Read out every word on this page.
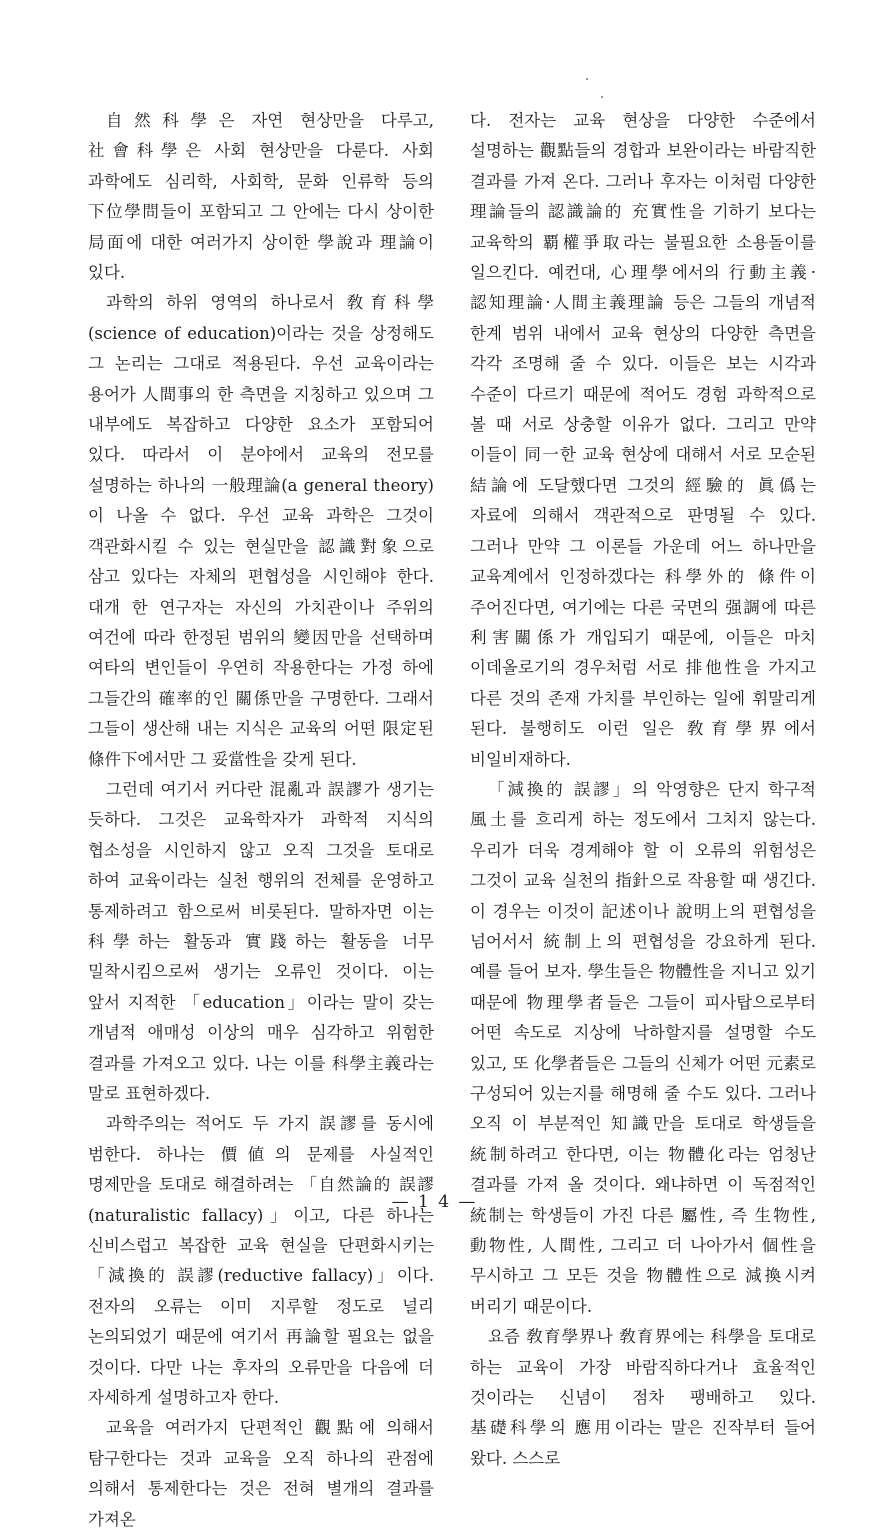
自然科學은 자연 현상만을 다루고, 社會科學은 사회 현상만을 다룬다. 사회 과학에도 심리학, 사회학, 문화 인류학 등의 下位學問들이 포함되고 그 안에는 다시 상이한 局面에 대한 여러가지 상이한 學說과 理論이 있다.

과학의 하위 영역의 하나로서 敎育科學(science of education)이라는 것을 상정해도 그 논리는 그대로 적용된다. 우선 교육이라는 용어가 人間事의 한 측면을 지칭하고 있으며 그 내부에도 복잡하고 다양한 요소가 포함되어 있다. 따라서 이 분야에서 교육의 전모를 설명하는 하나의 一般理論(a general theory)이 나올 수 없다. 우선 교육 과학은 그것이 객관화시킬 수 있는 현실만을 認識對象으로 삼고 있다는 자체의 편협성을 시인해야 한다. 대개 한 연구자는 자신의 가치관이나 주위의 여건에 따라 한정된 범위의 變因만을 선택하며 여타의 변인들이 우연히 작용한다는 가정 하에 그들간의 確率的인 關係만을 구명한다. 그래서 그들이 생산해 내는 지식은 교육의 어떤 限定된 條件下에서만 그 妥當性을 갖게 된다.

그런데 여기서 커다란 混亂과 誤謬가 생기는 듯하다. 그것은 교육학자가 과학적 지식의 협소성을 시인하지 않고 오직 그것을 토대로 하여 교육이라는 실천 행위의 전체를 운영하고 통제하려고 함으로써 비롯된다. 말하자면 이는 科學하는 활동과 實踐하는 활동을 너무 밀착시킴으로써 생기는 오류인 것이다. 이는 앞서 지적한 「education」이라는 말이 갖는 개념적 애매성 이상의 매우 심각하고 위험한 결과를 가져오고 있다. 나는 이를 科學主義라는 말로 표현하겠다.

과학주의는 적어도 두 가지 誤謬를 동시에 범한다. 하나는 價値의 문제를 사실적인 명제만을 토대로 해결하려는 「自然論的 誤謬(naturalistic fallacy)」이고, 다른 하나는 신비스럽고 복잡한 교육 현실을 단편화시키는「減換的 誤謬(reductive fallacy)」이다. 전자의 오류는 이미 지루할 정도로 널리 논의되었기 때문에 여기서 再論할 필요는 없을 것이다. 다만 나는 후자의 오류만을 다음에 더 자세하게 설명하고자 한다.

교육을 여러가지 단편적인 觀點에 의해서 탐구한다는 것과 교육을 오직 하나의 관점에 의해서 통제한다는 것은 전혀 별개의 결과를 가져온

다. 전자는 교육 현상을 다양한 수준에서 설명하는 觀點들의 경합과 보완이라는 바람직한 결과를 가져 온다. 그러나 후자는 이처럼 다양한 理論들의 認識論的 充實性을 기하기 보다는 교육학의 覇權爭取라는 불필요한 소용돌이를 일으킨다. 예컨대, 心理學에서의 行動主義·認知理論·人間主義理論 등은 그들의 개념적 한계 범위 내에서 교육 현상의 다양한 측면을 각각 조명해 줄 수 있다. 이들은 보는 시각과 수준이 다르기 때문에 적어도 경험 과학적으로 볼 때 서로 상충할 이유가 없다. 그리고 만약 이들이 同一한 교육 현상에 대해서 서로 모순된 結論에 도달했다면 그것의 經驗的 眞僞는 자료에 의해서 객관적으로 판명될 수 있다. 그러나 만약 그 이론들 가운데 어느 하나만을 교육계에서 인정하겠다는 科學外的 條件이 주어진다면, 여기에는 다른 국면의 强調에 따른 利害關係가 개입되기 때문에, 이들은 마치 이데올로기의 경우처럼 서로 排他性을 가지고 다른 것의 존재 가치를 부인하는 일에 휘말리게 된다. 불행히도 이런 일은 敎育學界에서 비일비재하다.

「減換的 誤謬」의 악영향은 단지 학구적 風土를 흐리게 하는 정도에서 그치지 않는다. 우리가 더욱 경계해야 할 이 오류의 위험성은 그것이 교육 실천의 指針으로 작용할 때 생긴다. 이 경우는 이것이 記述이나 說明上의 편협성을 넘어서서 統制上의 편협성을 강요하게 된다. 예를 들어 보자. 學生들은 物體性을 지니고 있기 때문에 物理學者들은 그들이 피사탑으로부터 어떤 속도로 지상에 낙하할지를 설명할 수도 있고, 또 化學者들은 그들의 신체가 어떤 元素로 구성되어 있는지를 해명해 줄 수도 있다. 그러나 오직 이 부분적인 知識만을 토대로 학생들을 統制하려고 한다면, 이는 物體化라는 엄청난 결과를 가져 올 것이다. 왜냐하면 이 독점적인 統制는 학생들이 가진 다른 屬性, 즉 生物性, 動物性, 人間性, 그리고 더 나아가서 個性을 무시하고 그 모든 것을 物體性으로 減換시켜 버리기 때문이다.

요즘 敎育學界나 敎育界에는 科學을 토대로 하는 교육이 가장 바람직하다거나 효율적인 것이라는 신념이 점차 팽배하고 있다. 基礎科學의 應用이라는 말은 진작부터 들어 왔다. 스스로

— 1 4 —
